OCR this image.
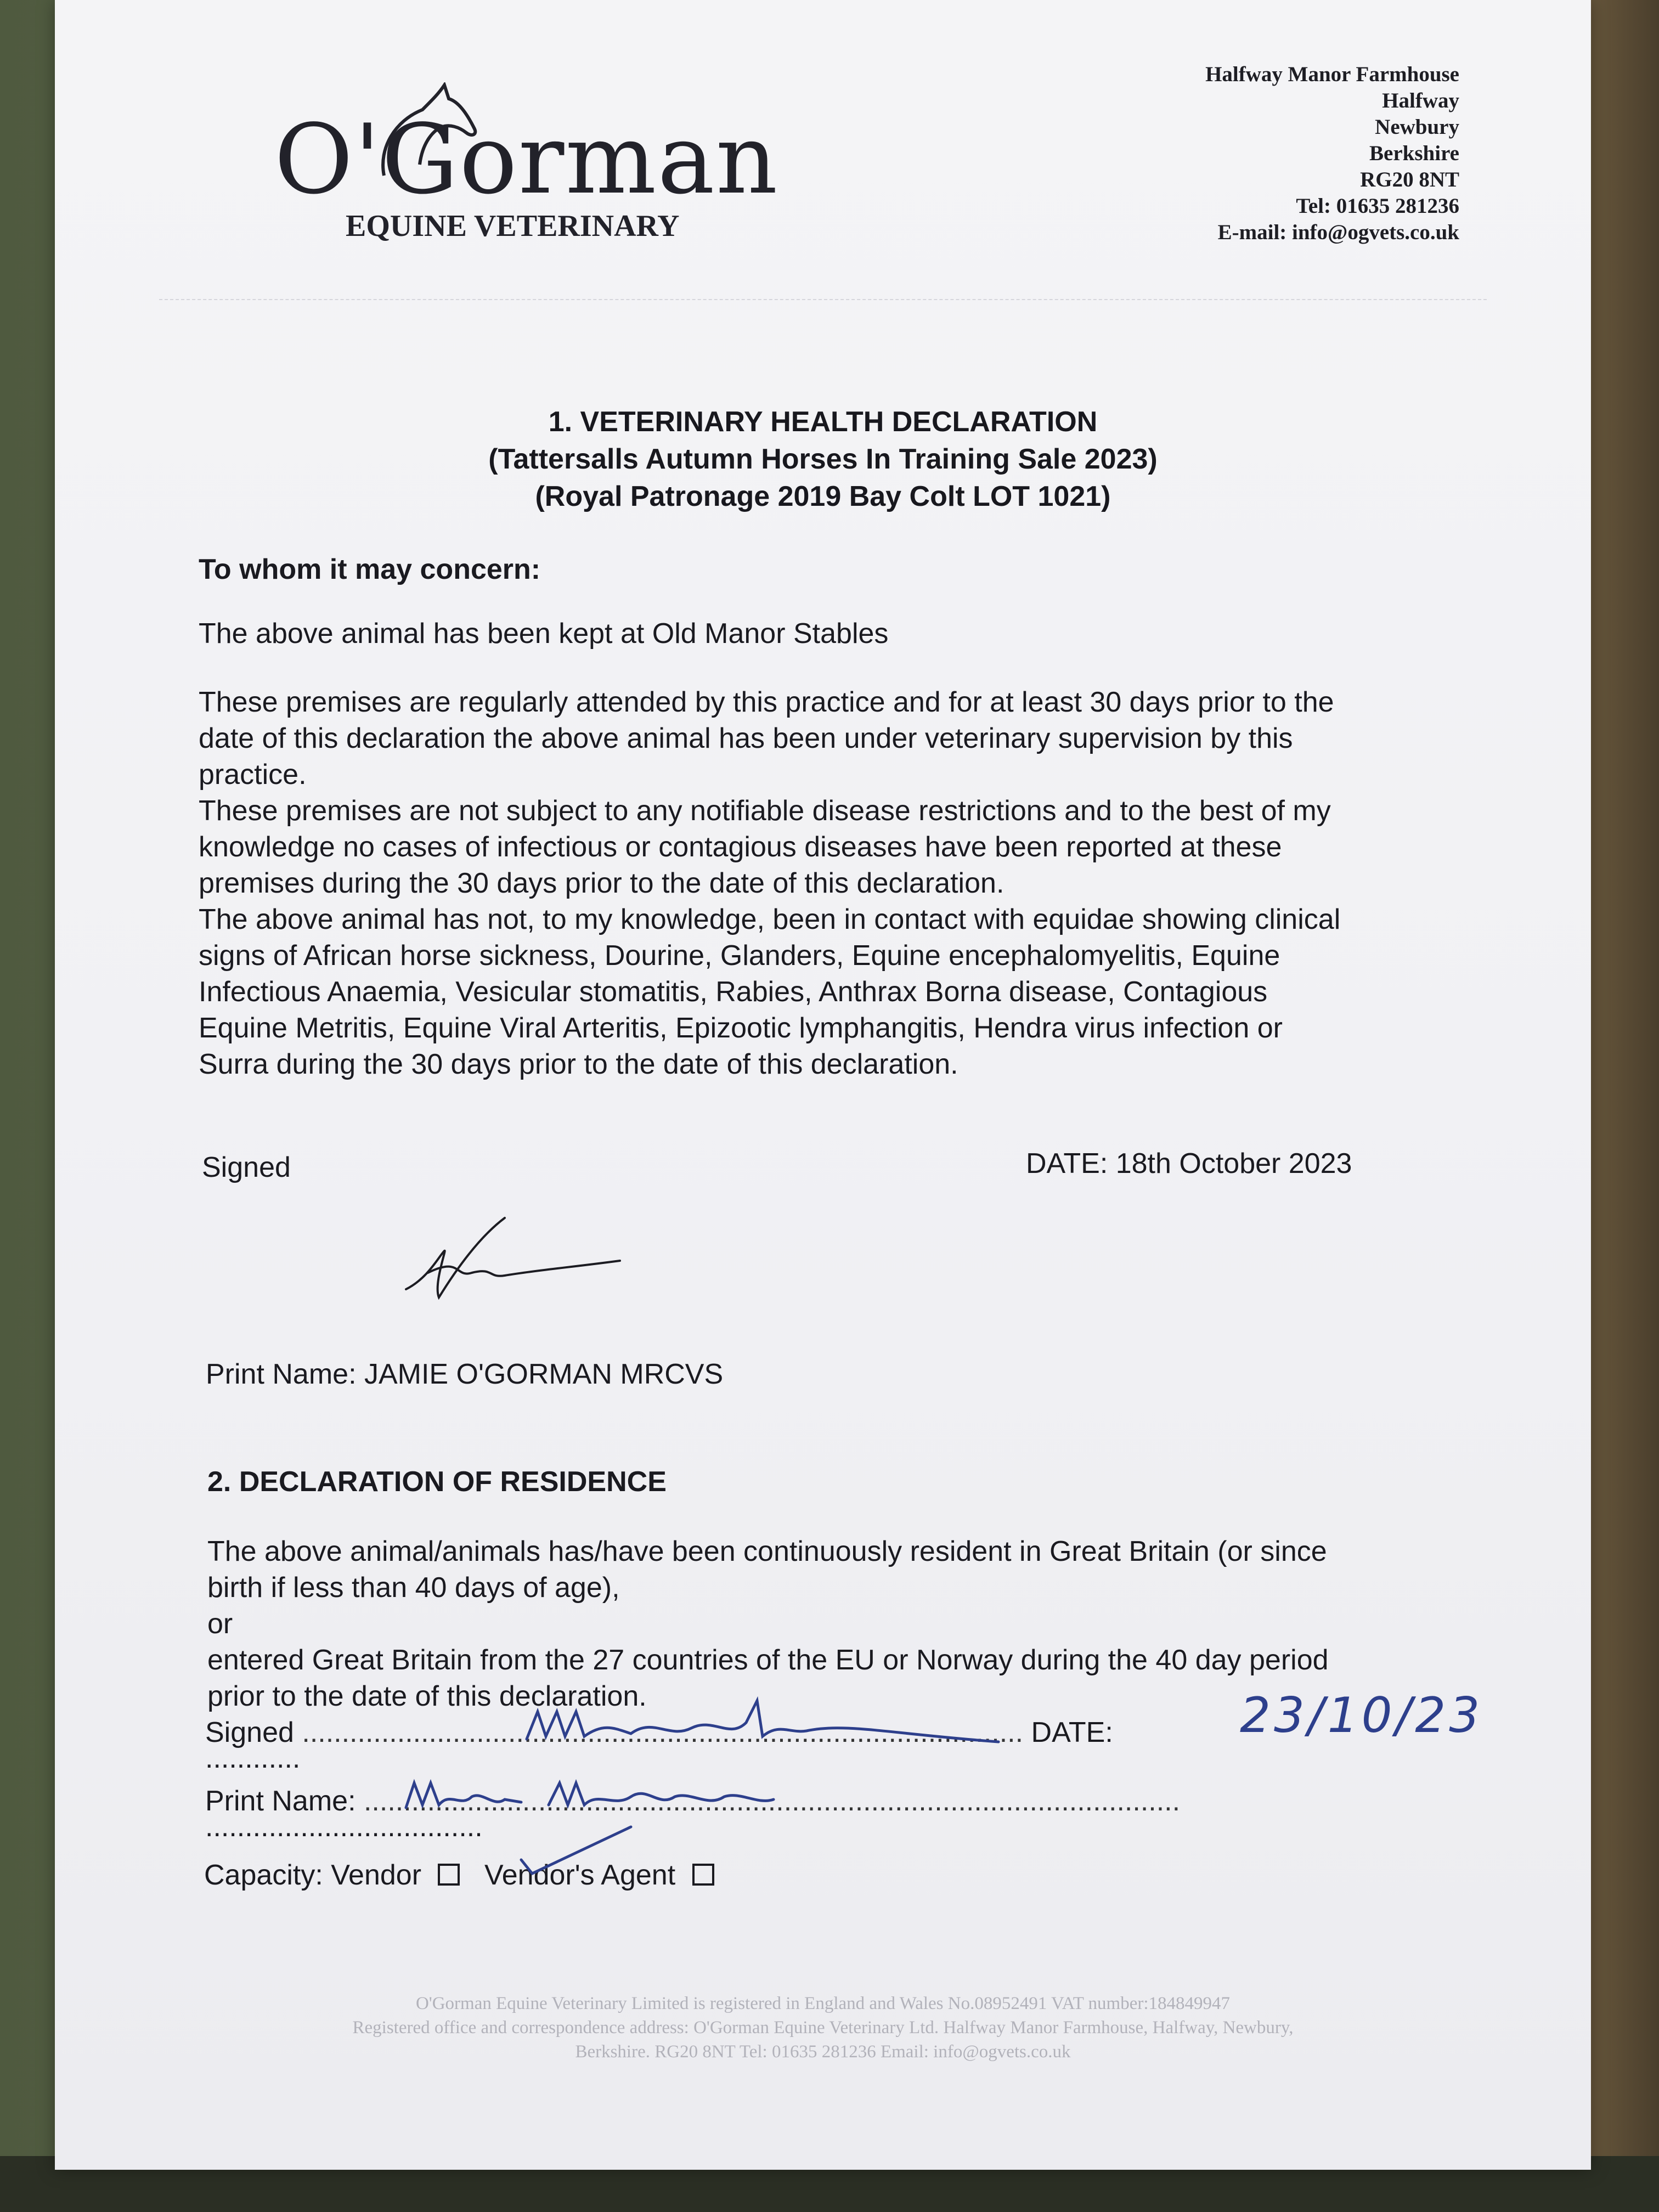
O'Gorman
EQUINE VETERINARY
Halfway Manor Farmhouse
Halfway
Newbury
Berkshire
RG20 8NT
Tel: 01635 281236
E-mail: info@ogvets.co.uk
1. VETERINARY HEALTH DECLARATION
(Tattersalls Autumn Horses In Training Sale 2023)
(Royal Patronage 2019 Bay Colt LOT 1021)
To whom it may concern:
The above animal has been kept at Old Manor Stables
These premises are regularly attended by this practice and for at least 30 days prior to the
date of this declaration the above animal has been under veterinary supervision by this
practice.
These premises are not subject to any notifiable disease restrictions and to the best of my
knowledge no cases of infectious or contagious diseases have been reported at these
premises during the 30 days prior to the date of this declaration.
The above animal has not, to my knowledge, been in contact with equidae showing clinical
signs of African horse sickness, Dourine, Glanders, Equine encephalomyelitis, Equine
Infectious Anaemia, Vesicular stomatitis, Rabies, Anthrax Borna disease, Contagious
Equine Metritis, Equine Viral Arteritis, Epizootic lymphangitis, Hendra virus infection or
Surra during the 30 days prior to the date of this declaration.
Signed	DATE: 18th October 2023
Print Name: JAMIE O'GORMAN MRCVS
2. DECLARATION OF RESIDENCE
The above animal/animals has/have been continuously resident in Great Britain (or since
birth if less than 40 days of age),
or
entered Great Britain from the 27 countries of the EU or Norway during the 40 day period
prior to the date of this declaration.
Signed ........................................................................................... DATE:	23/10/23
............
Print Name: .......................................................................................................
...................................
Capacity: Vendor Vendor's Agent
O'Gorman Equine Veterinary Limited is registered in England and Wales No.08952491 VAT number:184849947
Registered office and correspondence address: O'Gorman Equine Veterinary Ltd. Halfway Manor Farmhouse, Halfway, Newbury,
Berkshire. RG20 8NT Tel: 01635 281236 Email: info@ogvets.co.uk
